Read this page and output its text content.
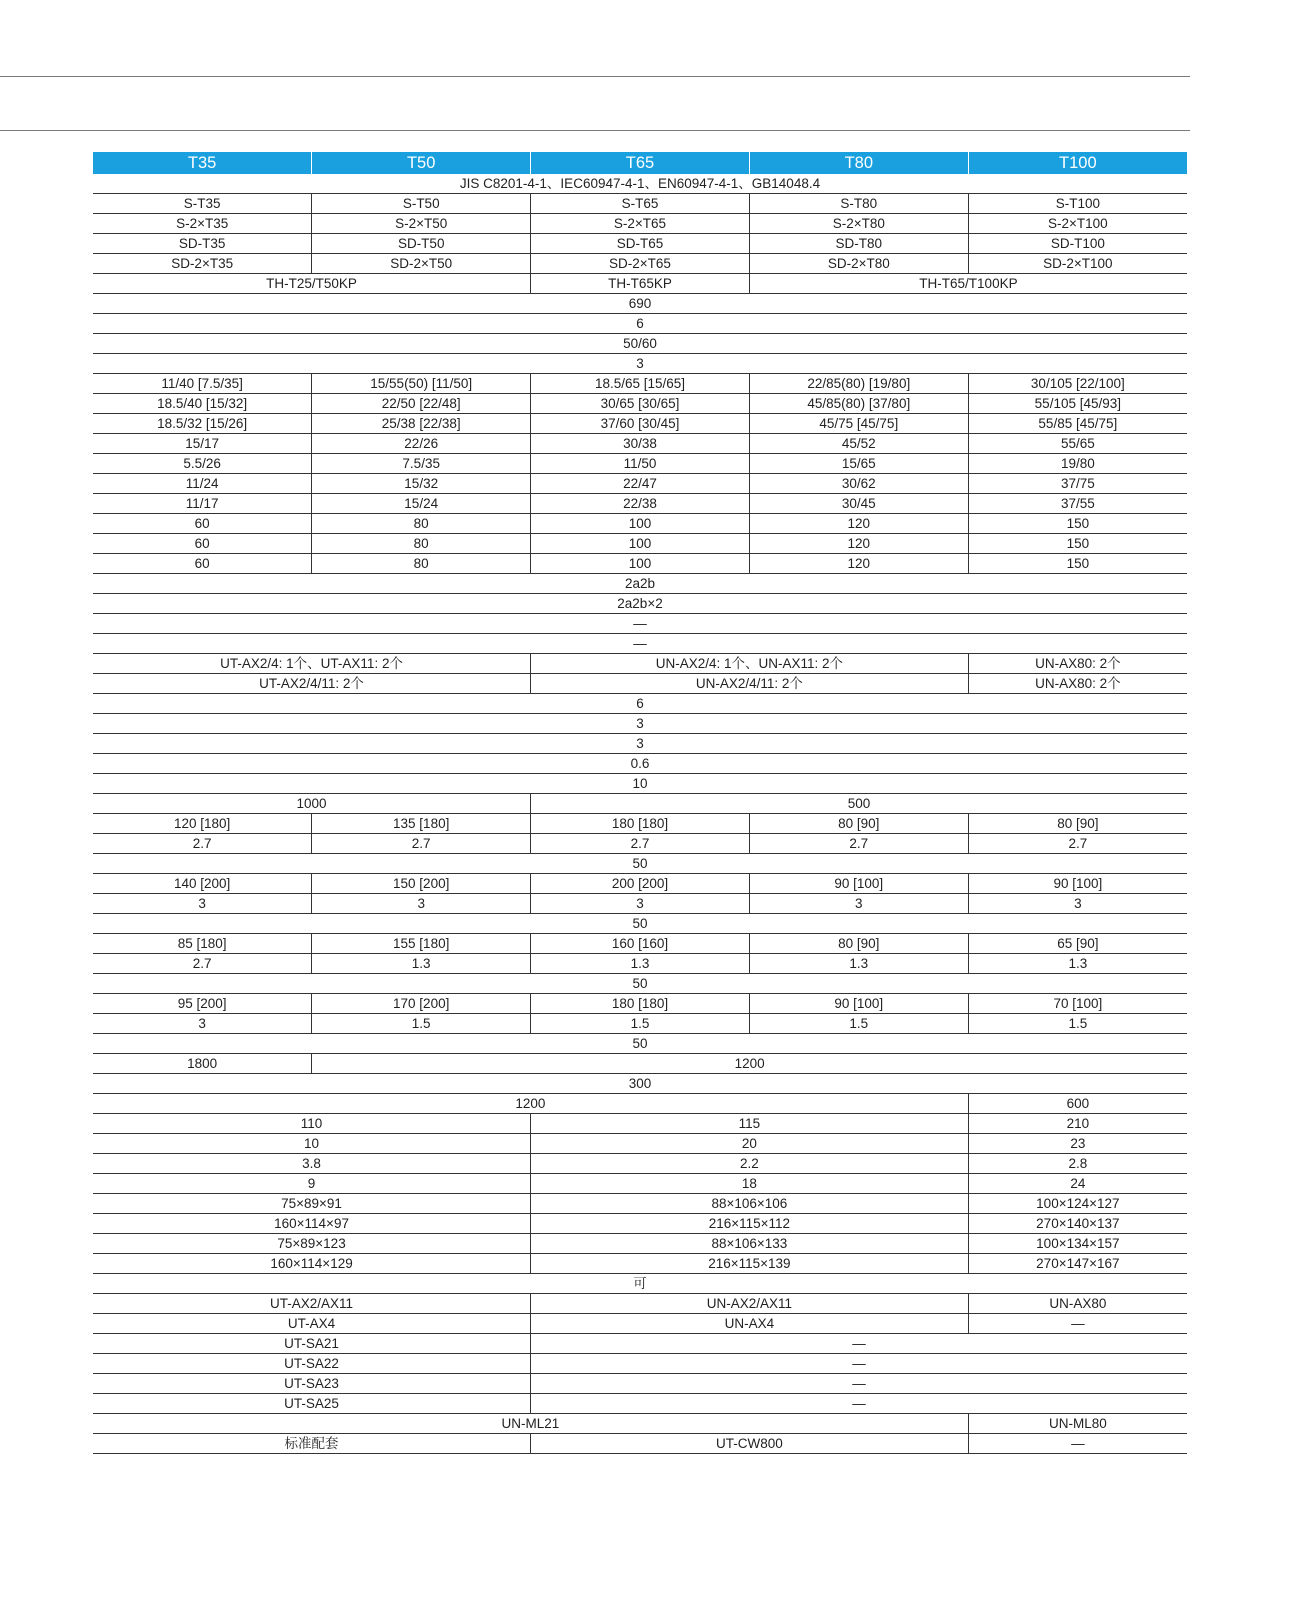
T35	T50	T65	T80	T100
JIS C8201-4-1、IEC60947-4-1、EN60947-4-1、GB14048.4				
S-T35	S-T50	S-T65	S-T80	S-T100
S-2×T35	S-2×T50	S-2×T65	S-2×T80	S-2×T100
SD-T35	SD-T50	SD-T65	SD-T80	SD-T100
SD-2×T35	SD-2×T50	SD-2×T65	SD-2×T80	SD-2×T100
TH-T25/T50KP		TH-T65KP	TH-T65/T100KP	
690				
6				
50/60				
3				
11/40 [7.5/35]	15/55(50) [11/50]	18.5/65 [15/65]	22/85(80) [19/80]	30/105 [22/100]
18.5/40 [15/32]	22/50 [22/48]	30/65 [30/65]	45/85(80) [37/80]	55/105 [45/93]
18.5/32 [15/26]	25/38 [22/38]	37/60 [30/45]	45/75 [45/75]	55/85 [45/75]
15/17	22/26	30/38	45/52	55/65
5.5/26	7.5/35	11/50	15/65	19/80
11/24	15/32	22/47	30/62	37/75
11/17	15/24	22/38	30/45	37/55
60	80	100	120	150
60	80	100	120	150
60	80	100	120	150
2a2b				
2a2b×2				
—				
—				
UT-AX2/4: 1个、UT-AX11: 2个		UN-AX2/4: 1个、UN-AX11: 2个		UN-AX80: 2个
UT-AX2/4/11: 2个		UN-AX2/4/11: 2个		UN-AX80: 2个
6				
3				
3				
0.6				
10				
1000		500		
120 [180]	135 [180]	180 [180]	80 [90]	80 [90]
2.7	2.7	2.7	2.7	2.7
50				
140 [200]	150 [200]	200 [200]	90 [100]	90 [100]
3	3	3	3	3
50				
85 [180]	155 [180]	160 [160]	80 [90]	65 [90]
2.7	1.3	1.3	1.3	1.3
50				
95 [200]	170 [200]	180 [180]	90 [100]	70 [100]
3	1.5	1.5	1.5	1.5
50				
1800	1200			
300				
1200				600
110		115		210
10		20		23
3.8		2.2		2.8
9		18		24
75×89×91		88×106×106		100×124×127
160×114×97		216×115×112		270×140×137
75×89×123		88×106×133		100×134×157
160×114×129		216×115×139		270×147×167
可				
UT-AX2/AX11		UN-AX2/AX11		UN-AX80
UT-AX4		UN-AX4		—
UT-SA21		—		
UT-SA22		—		
UT-SA23		—		
UT-SA25		—		
UN-ML21				UN-ML80
标准配套		UT-CW800		—
